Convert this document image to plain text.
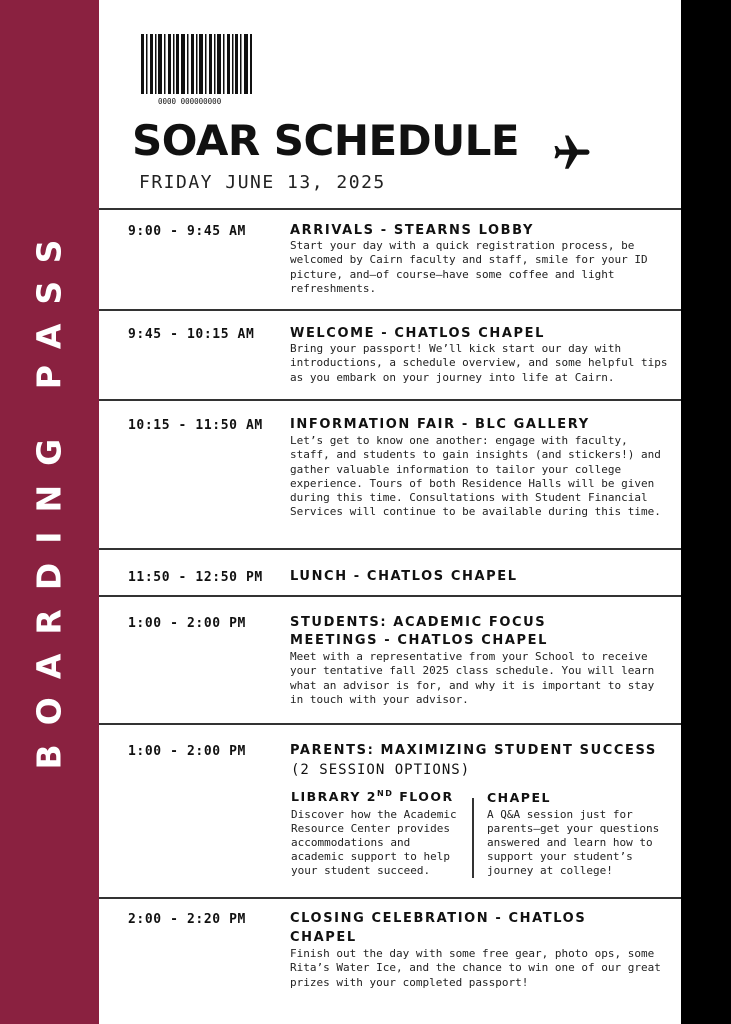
BOARDING PASS
0000 000000000
SOAR SCHEDULE
FRIDAY JUNE 13, 2025
9:00 - 9:45 AM	ARRIVALS - STEARNS LOBBY
Start your day with a quick registration process, be welcomed by Cairn faculty and staff, smile for your ID picture, and—of course—have some coffee and light refreshments.
9:45 - 10:15 AM	WELCOME - CHATLOS CHAPEL
Bring your passport! We’ll kick start our day with introductions, a schedule overview, and some helpful tips as you embark on your journey into life at Cairn.
10:15 - 11:50 AM INFORMATION FAIR - BLC GALLERY
Let’s get to know one another: engage with faculty, staff, and students to gain insights (and stickers!) and gather valuable information to tailor your college experience. Tours of both Residence Halls will be given during this time. Consultations with Student Financial Services will continue to be available during this time.
11:50 - 12:50 PM LUNCH - CHATLOS CHAPEL
1:00 - 2:00 PM	STUDENTS: ACADEMIC FOCUS
MEETINGS - CHATLOS CHAPEL
Meet with a representative from your School to receive your tentative fall 2025 class schedule. You will learn what an advisor is for, and why it is important to stay in touch with your advisor.
1:00 - 2:00 PM	PARENTS: MAXIMIZING STUDENT SUCCESS
(2 SESSION OPTIONS)
LIBRARY 2ND FLOOR
Discover how the Academic Resource Center provides accommodations and academic support to help your student succeed.
CHAPEL
A Q&A session just for parents—get your questions answered and learn how to support your student’s journey at college!
2:00 - 2:20 PM	CLOSING CELEBRATION - CHATLOS
CHAPEL
Finish out the day with some free gear, photo ops, some Rita’s Water Ice, and the chance to win one of our great prizes with your completed passport!
